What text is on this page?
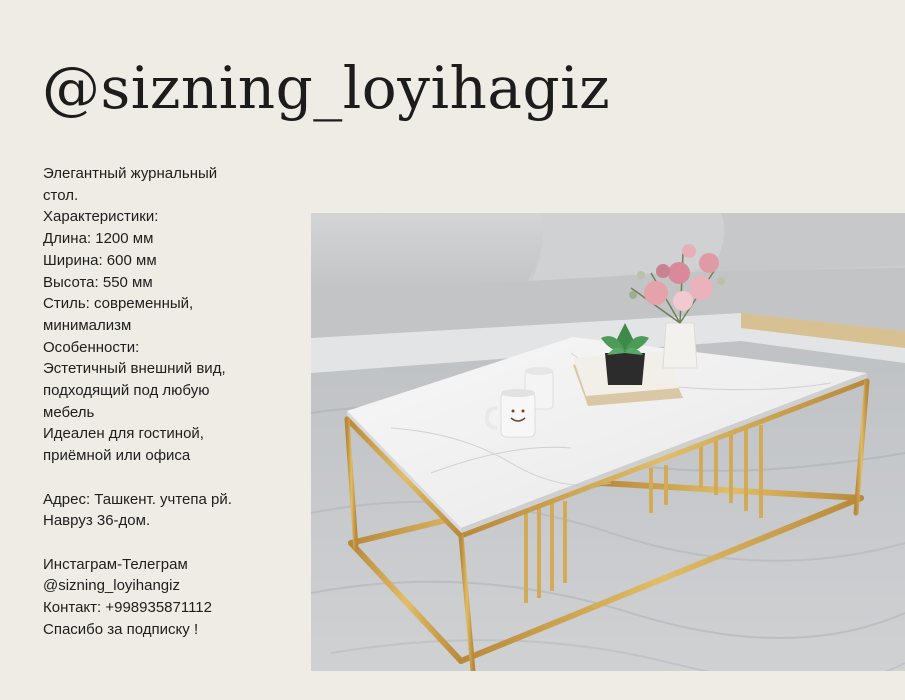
@sizning_loyihagiz
Элегантный журнальный
стол.
Характеристики:
Длина: 1200 мм
Ширина: 600 мм
Высота: 550 мм
Стиль: современный,
минимализм
Особенности:
Эстетичный внешний вид,
подходящий под любую
мебель
Идеален для гостиной,
приёмной или офиса
Адрес: Ташкент. учтепа рй.
Навруз 36-дом.
Инстаграм-Телеграм
@sizning_loyihangiz
Контакт: +998935871112
Спасибо за подписку !
